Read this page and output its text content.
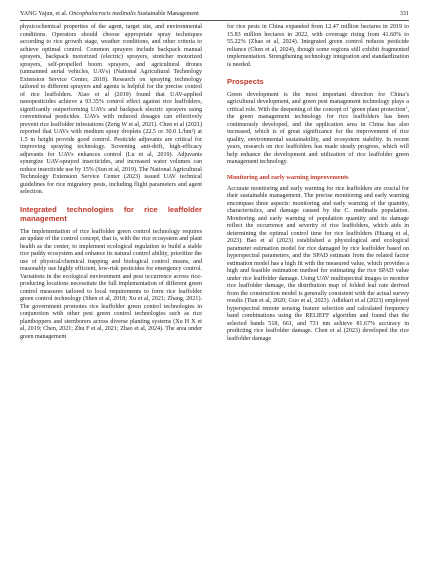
YANG Yajun, et al. Oncophalocrocis medinalis Sustainable Management	331

physicochemical properties of the agent, target site, and environmental conditions. Operators should choose appropriate spray techniques according to rice growth stage, weather conditions, and other criteria to achieve optimal control. Common sprayers include backpack manual sprayers, backpack motorized (electric) sprayers, stretcher motorized sprayers, self-propelled boom sprayers, and agricultural drones (unmanned aerial vehicles, UAVs) (National Agricultural Technology Extension Service Center, 2018). Research on spraying technology tailored to different sprayers and agents is helpful for the precise control of rice leaffolders. Xiao et al (2019) found that UAV-applied nanopesticides achieve a 93.35% control effect against rice leaffolders, significantly outperforming UAVs and backpack electric sprayers using conventional pesticides. UAVs with reduced dosages can effectively prevent rice leaffolder infestations (Zeng W et al, 2021). Chen et al (2021) reported that UAVs with medium spray droplets (22.5 or 30.0 L/hm²) at 1.5 m height provide good control. Pesticide adjuvants are critical for improving spraying technology. Screening anti-drift, high-efficacy adjuvants for UAVs enhances control (Lu et al, 2019). Adjuvants synergize UAV-sprayed insecticides, and increased water volumes can reduce insecticide use by 15% (Sun et al, 2019). The National Agricultural Technology Extension Service Center (2023) issued UAV technical guidelines for rice migratory pests, including flight parameters and agent selection.

Integrated technologies for rice leaffolder management

The implementation of rice leaffolder green control technology requires an update of the control concept, that is, with the rice ecosystem and plant health as the center, to implement ecological regulation to build a stable rice paddy ecosystem and enhance its natural control ability, prioritize the use of physical/chemical trapping and biological control means, and reasonably use highly efficient, low-risk pesticides for emergency control. Variations in the ecological environment and pest occurrence across rice-producing locations necessitate the full implementation of different green control measures tailored to local requirements to form rice leaffolder green control technology (Shen et al, 2018; Xu et al, 2021; Zhang, 2021). The government promotes rice leaffolder green control technologies in conjunction with other pest green control technologies such as rice planthoppers and stemborers across diverse planting systems (Xu H X et al, 2019; Chen, 2021; Zhu F et al, 2021; Zhao et al, 2024). The area under green management

for rice pests in China expanded from 12.47 million hectares in 2019 to 15.83 million hectares in 2022, with coverage rising from 41.60% to 55.22% (Zhao et al, 2024). Integrated green control reduces pesticide reliance (Chen et al, 2024), though some regions still exhibit fragmented implementation. Strengthening technology integration and standardization is needed.

Prospects

Green development is the most important direction for China’s agricultural development, and green pest management technology plays a critical role. With the deepening of the concept of ‘green plant protection’, the green management technology for rice leaffolders has been continuously developed, and the application area in China has also increased, which is of great significance for the improvement of rice quality, environmental sustainability, and ecosystem stability. In recent years, research on rice leaffolders has made steady progress, which will help enhance the development and utilization of rice leaffolder green management technology.

Monitoring and early warning improvements

Accurate monitoring and early warning for rice leaffolders are crucial for their sustainable management. The precise monitoring and early warning encompass three aspects: monitoring and early warning of the quantity, characteristics, and damage caused by the C. medinalis population. Monitoring and early warning of population quantity and its damage reflect the occurrence and severity of rice leaffolders, which aids in determining the optimal control time for rice leaffolders (Huang et al, 2023). Bao et al (2023) established a physiological and ecological parameter estimation model for rice damaged by rice leaffolder based on hyperspectral parameters, and the SPAD estimate from the related factor estimation model has a high fit with the measured value, which provides a high and feasible estimation method for estimating the rice SPAD value under rice leaffolder damage. Using UAV multispectral images to monitor rice leaffolder damage, the distribution map of folded leaf rate derived from the construction model is generally consistent with the actual survey results (Tian et al, 2020; Guo et al, 2023). Adhikari et al (2023) employed hyperspectral remote sensing feature selection and calculated frequency band combinations using the RELIEFF algorithm and found that the selected bands 518, 661, and 731 nm achieve 81.67% accuracy in predicting rice leaffolder damage. Chen et al (2023) developed the rice leaffolder damage
